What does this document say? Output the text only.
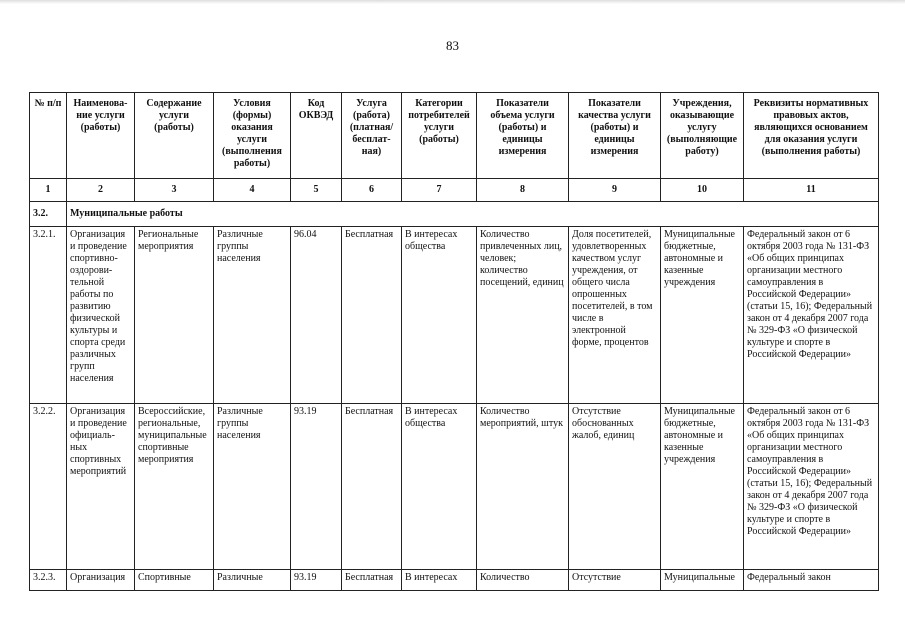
83
№ п/п	Наименова-ние услуги (работы)	Содержание услуги (работы)	Условия (формы) оказания услуги (выполнения работы)	Код ОКВЭД	Услуга (работа) (платная/ бесплат-ная)	Категории потребителей услуги (работы)	Показатели объема услуги (работы) и единицы измерения	Показатели качества услуги (работы) и единицы измерения	Учреждения, оказывающие услугу (выполняющие работу)	Реквизиты нормативных правовых актов, являющихся основанием для оказания услуги (выполнения работы)
1	2	3	4	5	6	7	8	9	10	11
3.2.	Муниципальные работы									
3.2.1.	Организация и проведение спортивно-оздорови-тельной работы по развитию физической культуры и спорта среди различных групп населения	Региональные мероприятия	Различные группы населения	96.04	Бесплатная	В интересах общества	Количество привлеченных лиц, человек; количество посещений, единиц	Доля посетителей, удовлетворенных качеством услуг учреждения, от общего числа опрошенных посетителей, в том числе в электронной форме, процентов	Муниципальные бюджетные, автономные и казенные учреждения	Федеральный закон от 6 октября 2003 года № 131-ФЗ «Об общих принципах организации местного самоуправления в Российской Федерации» (статьи 15, 16); Федеральный закон от 4 декабря 2007 года № 329-ФЗ «О физической культуре и спорте в Российской Федерации»
3.2.2.	Организация и проведение официаль-ных спортивных мероприятий	Всероссийские, региональные, муниципальные спортивные мероприятия	Различные группы населения	93.19	Бесплатная	В интересах общества	Количество мероприятий, штук	Отсутствие обоснованных жалоб, единиц	Муниципальные бюджетные, автономные и казенные учреждения	Федеральный закон от 6 октября 2003 года № 131-ФЗ «Об общих принципах организации местного самоуправления в Российской Федерации» (статьи 15, 16); Федеральный закон от 4 декабря 2007 года № 329-ФЗ «О физической культуре и спорте в Российской Федерации»
3.2.3.	Организация	Спортивные	Различные	93.19	Бесплатная	В интересах	Количество	Отсутствие	Муниципальные	Федеральный закон
